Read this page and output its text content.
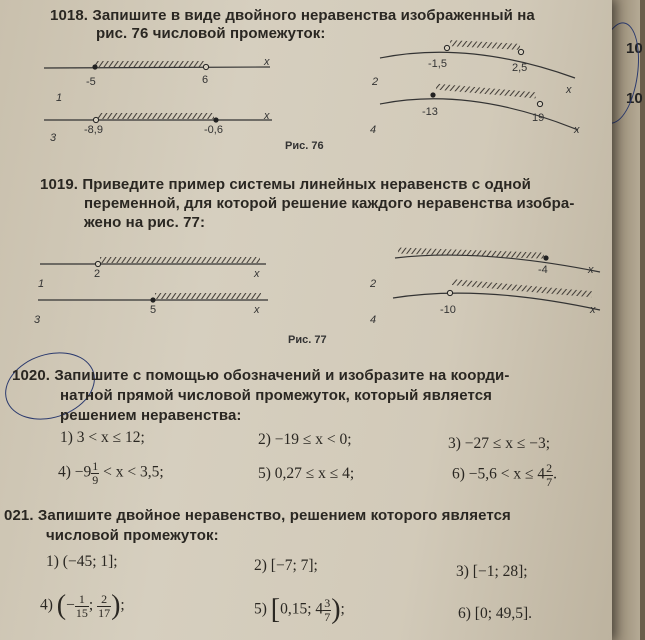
10
10
1018. Запишите в виде двойного неравенства изображенный на
рис. 76 числовой промежуток:
-5	6
x
1
-1,5	2,5
x
2
-8,9	-0,6
x
3
-13	19
x
4
Рис. 76
1019. Приведите пример системы линейных неравенств с одной
переменной, для которой решение каждого неравенства изобра-
жено на рис. 77:
2	x
1
-4	x
2
5	x
3
-10	x
4
Рис. 77
1020. Запишите с помощью обозначений и изобразите на коорди-
натной прямой числовой промежуток, который является
решением неравенства:
1) 3 < x ≤ 12;	2) −19 ≤ x < 0;	3) −27 ≤ x ≤ −3;
$4) -9 \frac{1}{9} < x < 3,5$;	5) 0,27 ≤ x ≤ 4;	$6) -5,6 < x \le 4 \frac{2}{7}$ .
021. Запишите двойное неравенство, решением которого является
числовой промежуток:
1) (−45; 1];	2) [−7; 7];	3) [−1; 28];
4) (− $\frac{1}{15}$ ; $\frac{2}{17}$ );	5) [0,15; $4 \frac{3}{7}$ );	6) [0; 49,5].
